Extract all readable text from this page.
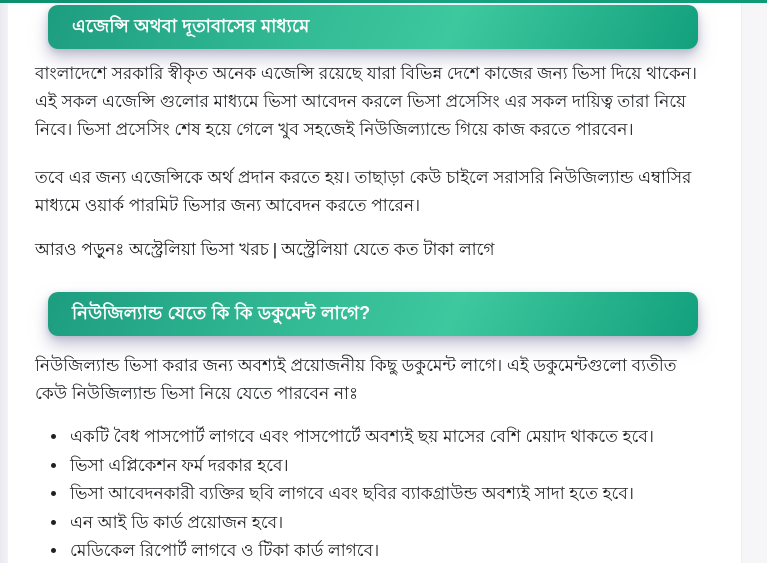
এজেন্সি অথবা দূতাবাসের মাধ্যমে

বাংলাদেশে সরকারি স্বীকৃত অনেক এজেন্সি রয়েছে যারা বিভিন্ন দেশে কাজের জন্য ভিসা দিয়ে থাকেন।এই সকল এজেন্সি গুলোর মাধ্যমে ভিসা আবেদন করলে ভিসা প্রসেসিং এর সকল দায়িত্ব তারা নিয়ে নিবে। ভিসা প্রসেসিং শেষ হয়ে গেলে খুব সহজেই নিউজিল্যান্ডে গিয়ে কাজ করতে পারবেন।

তবে এর জন্য এজেন্সিকে অর্থ প্রদান করতে হয়। তাছাড়া কেউ চাইলে সরাসরি নিউজিল্যান্ড এম্বাসির মাধ্যমে ওয়ার্ক পারমিট ভিসার জন্য আবেদন করতে পারেন।

আরও পড়ুনঃ অস্ট্রেলিয়া ভিসা খরচ | অস্ট্রেলিয়া যেতে কত টাকা লাগে

নিউজিল্যান্ড যেতে কি কি ডকুমেন্ট লাগে?

নিউজিল্যান্ড ভিসা করার জন্য অবশ্যই প্রয়োজনীয় কিছু ডকুমেন্ট লাগে। এই ডকুমেন্টগুলো ব্যতীত কেউ নিউজিল্যান্ড ভিসা নিয়ে যেতে পারবেন নাঃ

• একটি বৈধ পাসপোর্ট লাগবে এবং পাসপোর্টে অবশ্যই ছয় মাসের বেশি মেয়াদ থাকতে হবে।
• ভিসা এপ্লিকেশন ফর্ম দরকার হবে।
• ভিসা আবেদনকারী ব্যক্তির ছবি লাগবে এবং ছবির ব্যাকগ্রাউন্ড অবশ্যই সাদা হতে হবে।
• এন আই ডি কার্ড প্রয়োজন হবে।
• মেডিকেল রিপোর্ট লাগবে ও টিকা কার্ড লাগবে।
